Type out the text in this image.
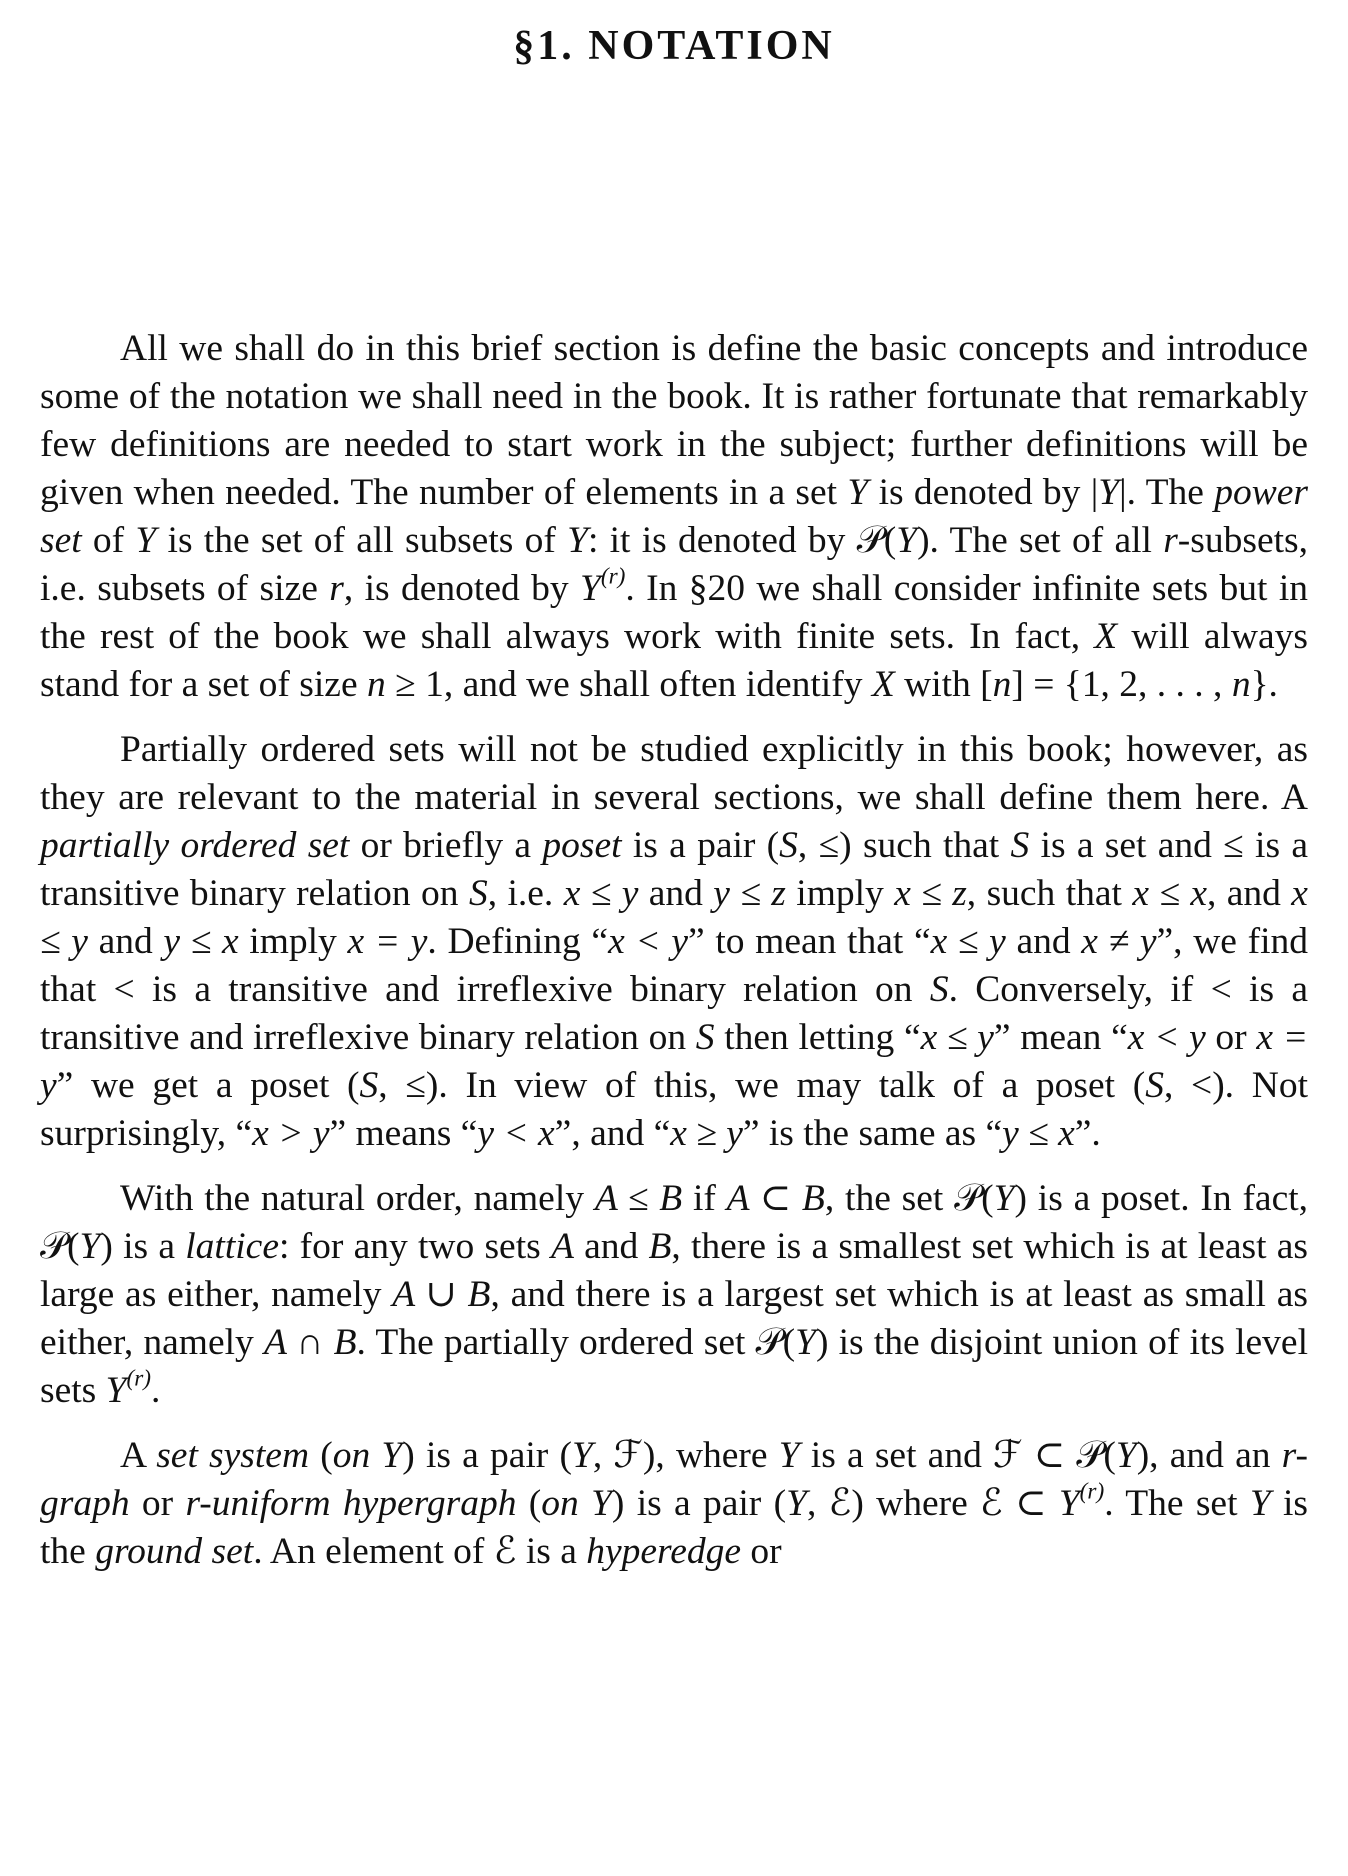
§1. NOTATION

All we shall do in this brief section is define the basic concepts and introduce some of the notation we shall need in the book. It is rather fortunate that remarkably few definitions are needed to start work in the subject; further definitions will be given when needed. The number of elements in a set Y is denoted by |Y|. The power set of Y is the set of all subsets of Y: it is denoted by 𝒫(Y). The set of all r-subsets, i.e. subsets of size r, is denoted by $Y^{(r)}$. In §20 we shall consider infinite sets but in the rest of the book we shall always work with finite sets. In fact, X will always stand for a set of size n ≥ 1, and we shall often identify X with [n] = {1, 2, . . . , n}.

Partially ordered sets will not be studied explicitly in this book; however, as they are relevant to the material in several sections, we shall define them here. A partially ordered set or briefly a poset is a pair (S, ≤) such that S is a set and ≤ is a transitive binary relation on S, i.e. x ≤ y and y ≤ z imply x ≤ z, such that x ≤ x, and x ≤ y and y ≤ x imply x = y. Defining “x < y” to mean that “x ≤ y and x ≠ y”, we find that < is a transitive and irreflexive binary relation on S. Conversely, if < is a transitive and irreflexive binary relation on S then letting “x ≤ y” mean “x < y or x = y” we get a poset (S, ≤). In view of this, we may talk of a poset (S, <). Not surprisingly, “x > y” means “y < x”, and “x ≥ y” is the same as “y ≤ x”.

With the natural order, namely A ≤ B if A ⊂ B, the set 𝒫(Y) is a poset. In fact, 𝒫(Y) is a lattice: for any two sets A and B, there is a smallest set which is at least as large as either, namely A ∪ B, and there is a largest set which is at least as small as either, namely A ∩ B. The partially ordered set 𝒫(Y) is the disjoint union of its level sets $Y^{(r)}$.

A set system (on Y) is a pair (Y, ℱ), where Y is a set and ℱ ⊂ 𝒫(Y), and an r-graph or r-uniform hypergraph (on Y) is a pair (Y, ℰ) where ℰ ⊂ $Y^{(r)}$. The set Y is the ground set. An element of ℰ is a hyperedge or
